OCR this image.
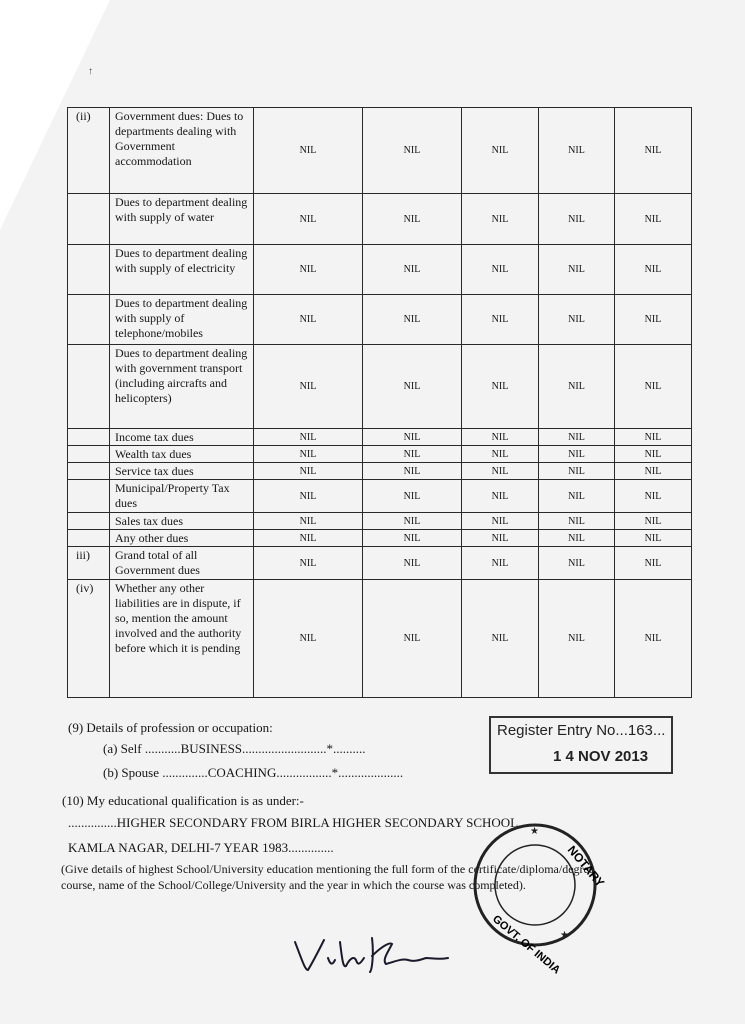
↑
(ii)	Government dues: Dues to departments dealing with Government accommodation	NIL	NIL	NIL	NIL	NIL
	Dues to department dealing with supply of water	NIL	NIL	NIL	NIL	NIL
	Dues to department dealing with supply of electricity	NIL	NIL	NIL	NIL	NIL
	Dues to department dealing with supply of telephone/mobiles	NIL	NIL	NIL	NIL	NIL
	Dues to department dealing with government transport (including aircrafts and helicopters)	NIL	NIL	NIL	NIL	NIL
	Income tax dues	NIL	NIL	NIL	NIL	NIL
	Wealth tax dues	NIL	NIL	NIL	NIL	NIL
	Service tax dues	NIL	NIL	NIL	NIL	NIL
	Municipal/Property Tax dues	NIL	NIL	NIL	NIL	NIL
	Sales tax dues	NIL	NIL	NIL	NIL	NIL
	Any other dues	NIL	NIL	NIL	NIL	NIL
iii)	Grand total of all Government dues	NIL	NIL	NIL	NIL	NIL
(iv)	Whether any other liabilities are in dispute, if so, mention the amount involved and the authority before which it is pending	NIL	NIL	NIL	NIL	NIL
(9) Details of profession or occupation:
(a) Self ...........BUSINESS..........................*..........
(b) Spouse ..............COACHING.................*....................
(10) My educational qualification is as under:-
...............HIGHER SECONDARY FROM BIRLA HIGHER SECONDARY SCHOOL,
KAMLA NAGAR, DELHI-7 YEAR 1983..............
(Give details of highest School/University education mentioning the full form of the certificate/diploma/degree
course, name of the School/College/University and the year in which the course was completed).
Register Entry No...163...
1 4 NOV 2013
NOTARY
GOVT. OF INDIA
★
★
